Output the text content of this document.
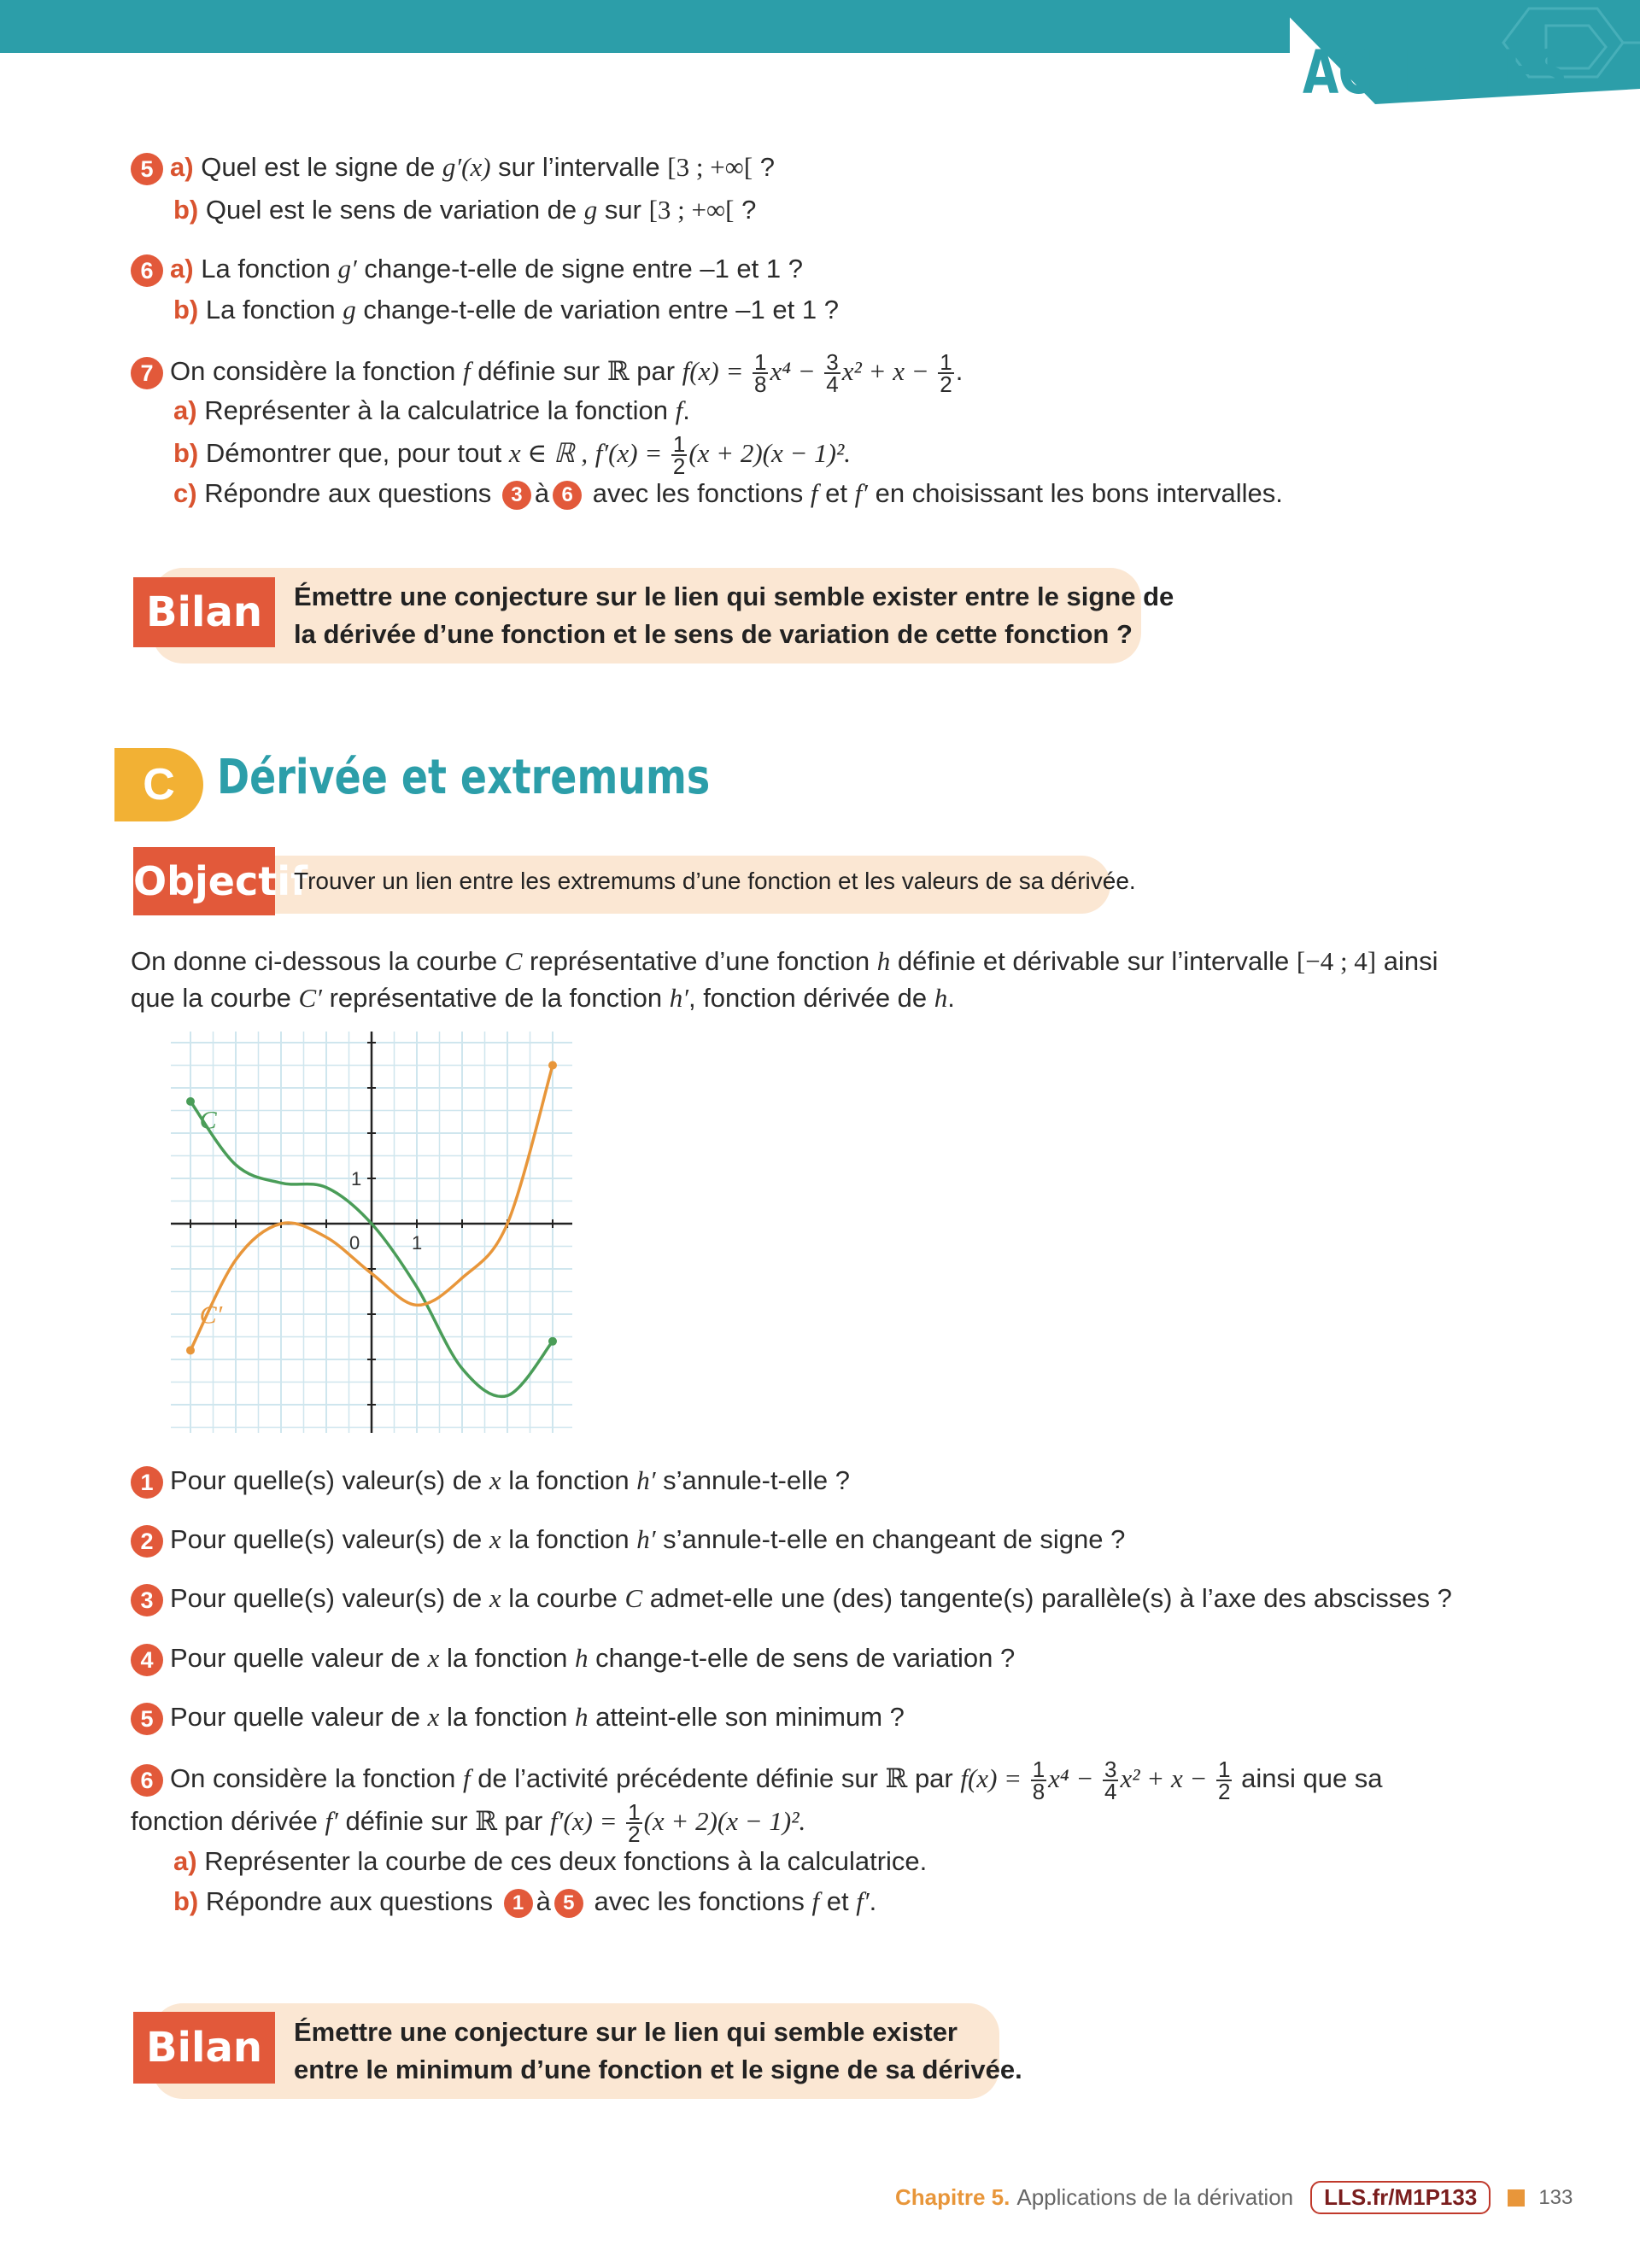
ACTIVITÉS
5 a) Quel est le signe de g′(x) sur l’intervalle [3 ; +∞[ ?
b) Quel est le sens de variation de g sur [3 ; +∞[ ?
6 a) La fonction g′ change-t-elle de signe entre –1 et 1 ?
b) La fonction g change-t-elle de variation entre –1 et 1 ?
7 On considère la fonction f définie sur ℝ par $f(x) = \frac{1}{8} x^4 - \frac{3}{4} x^2 + x - \frac{1}{2}$ .
a) Représenter à la calculatrice la fonction f.
b) Démontrer que, pour tout x ∈ ℝ , $f'(x) = \frac{1}{2} (x + 2)(x - 1)^2$.
c) Répondre aux questions 3 à 6 avec les fonctions f et f′ en choisissant les bons intervalles.
Bilan	Émettre une conjecture sur le lien qui semble exister entre le signe de
la dérivée d’une fonction et le sens de variation de cette fonction ?
C Dérivée et extremums
Objectif
Trouver un lien entre les extremums d’une fonction et les valeurs de sa dérivée.
On donne ci-dessous la courbe C représentative d’une fonction h définie et dérivable sur l’intervalle [−4 ; 4] ainsi
que la courbe C′ représentative de la fonction h′, fonction dérivée de h.
C
C′
0	1
1
1 Pour quelle(s) valeur(s) de x la fonction h′ s’annule-t-elle ?
2 Pour quelle(s) valeur(s) de x la fonction h′ s’annule-t-elle en changeant de signe ?
3 Pour quelle(s) valeur(s) de x la courbe C admet-elle une (des) tangente(s) parallèle(s) à l’axe des abscisses ?
4 Pour quelle valeur de x la fonction h change-t-elle de sens de variation ?
5 Pour quelle valeur de x la fonction h atteint-elle son minimum ?
6 On considère la fonction f de l’activité précédente définie sur ℝ par $f(x) = \frac{1}{8} x^4 - \frac{3}{4} x^2 + x - \frac{1}{2}$ ainsi que sa
fonction dérivée f′ définie sur ℝ par $f'(x) = \frac{1}{2} (x + 2)(x - 1)^2$.
a) Représenter la courbe de ces deux fonctions à la calculatrice.
b) Répondre aux questions 1 à 5 avec les fonctions f et f′.
Bilan	Émettre une conjecture sur le lien qui semble exister
entre le minimum d’une fonction et le signe de sa dérivée.
Chapitre 5. Applications de la dérivation	LLS.fr/M1P133	133
